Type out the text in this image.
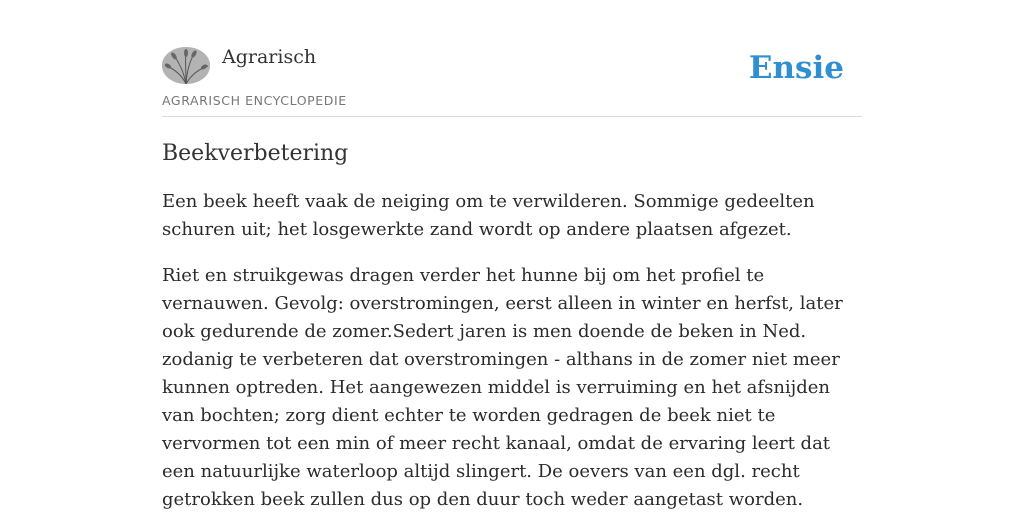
Agrarisch
AGRARISCH ENCYCLOPEDIE
Ensie
Beekverbetering

Een beek heeft vaak de neiging om te verwilderen. Sommige gedeelten schuren uit; het losgewerkte zand wordt op andere plaatsen afgezet.

Riet en struikgewas dragen verder het hunne bij om het profiel te vernauwen. Gevolg: overstromingen, eerst alleen in winter en herfst, later ook gedurende de zomer.Sedert jaren is men doende de beken in Ned. zodanig te verbeteren dat overstromingen - althans in de zomer niet meer kunnen optreden. Het aangewezen middel is verruiming en het afsnijden van bochten; zorg dient echter te worden gedragen de beek niet te vervormen tot een min of meer recht kanaal, omdat de ervaring leert dat een natuurlijke waterloop altijd slingert. De oevers van een dgl. recht getrokken beek zullen dus op den duur toch weder aangetast worden.
